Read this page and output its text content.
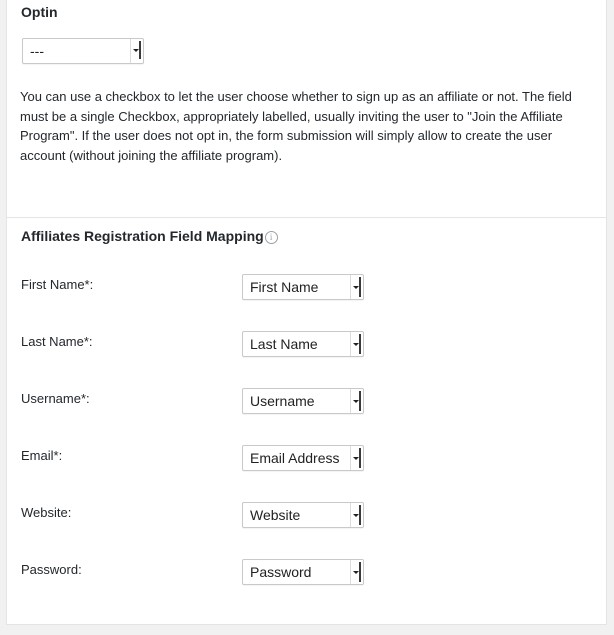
Optin
---
You can use a checkbox to let the user choose whether to sign up as an affiliate or not. The field must be a single Checkbox, appropriately labelled, usually inviting the user to "Join the Affiliate Program". If the user does not opt in, the form submission will simply allow to create the user account (without joining the affiliate program).
Affiliates Registration Field Mapping i
First Name*:	First Name
Last Name*:	Last Name
Username*:	Username
Email*:	Email Address
Website:	Website
Password:	Password
